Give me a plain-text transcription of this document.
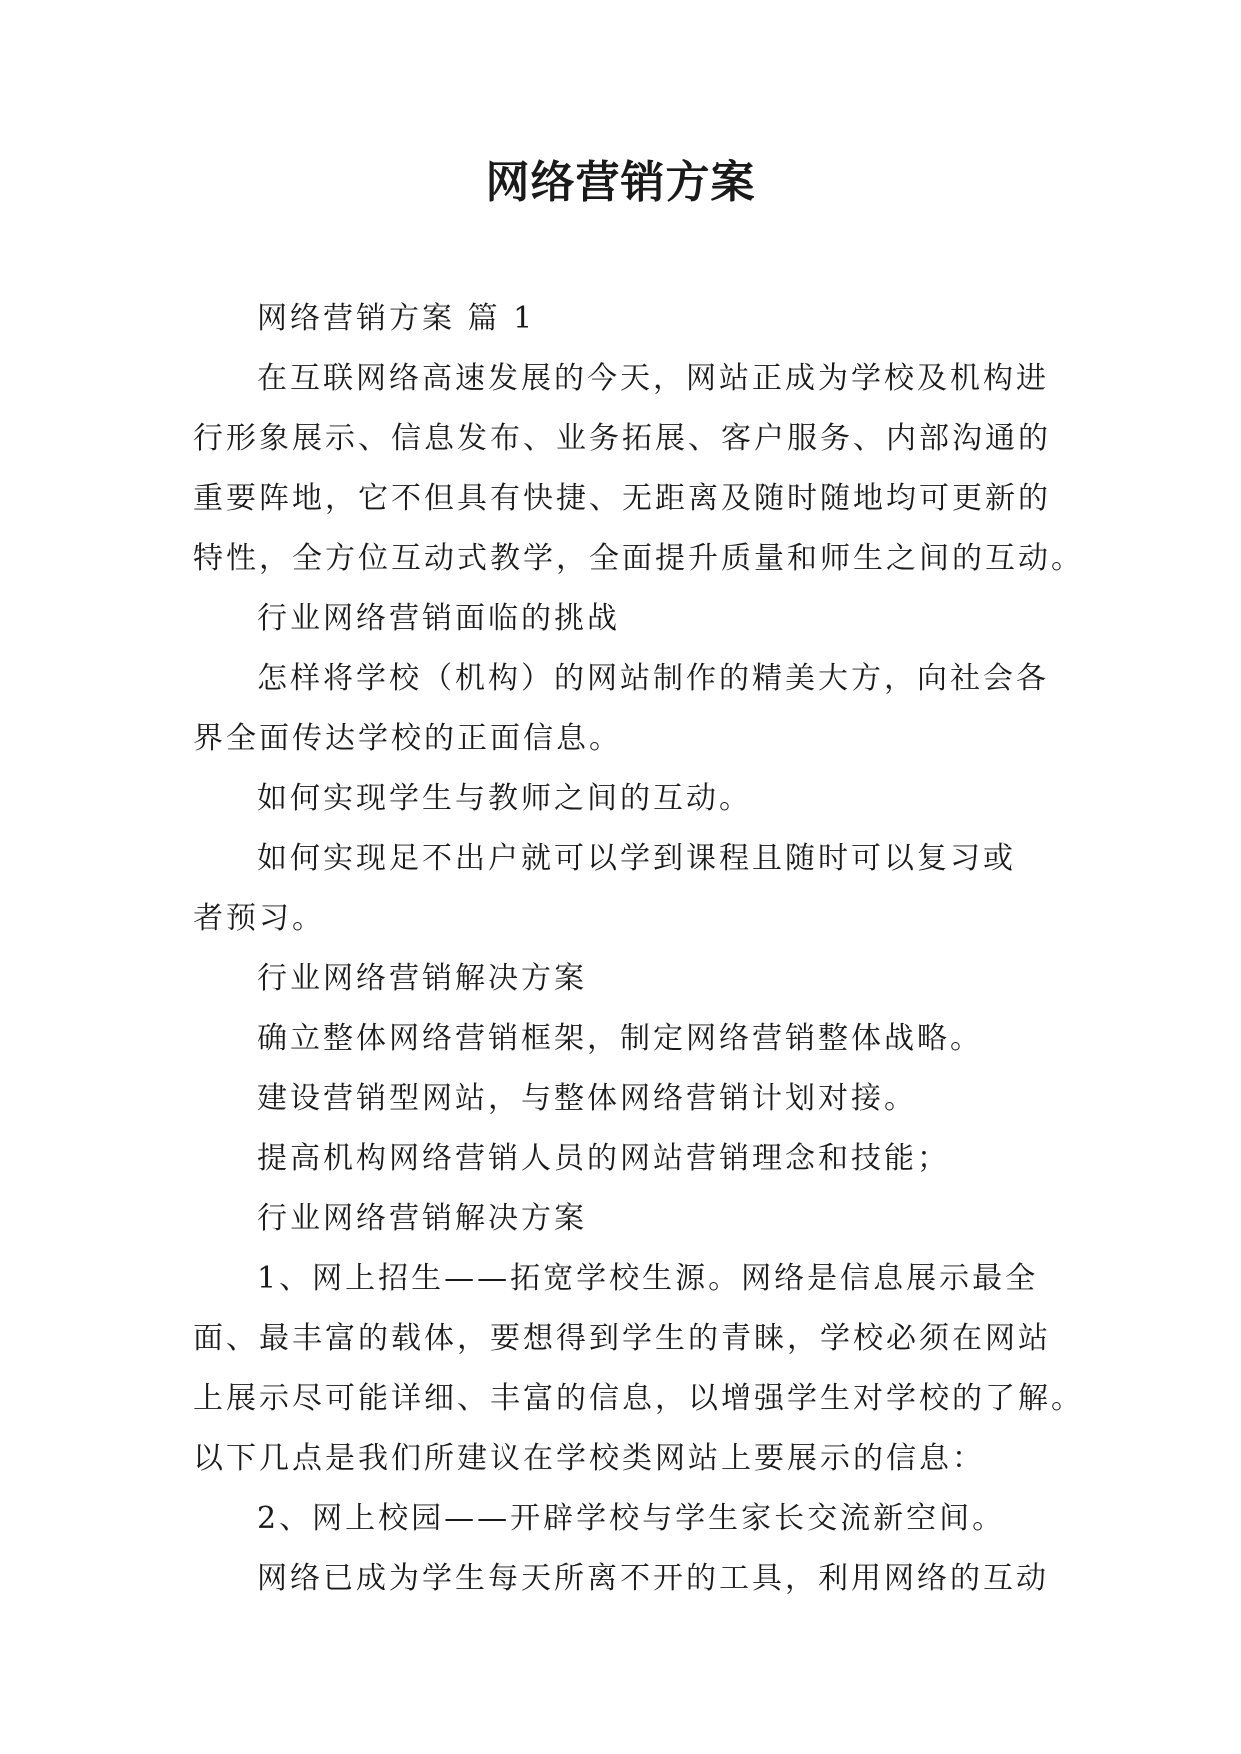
网络营销方案
网络营销方案 篇 1
在互联网络高速发展的今天，网站正成为学校及机构进
行形象展示、信息发布、业务拓展、客户服务、内部沟通的
重要阵地，它不但具有快捷、无距离及随时随地均可更新的
特性，全方位互动式教学，全面提升质量和师生之间的互动。
行业网络营销面临的挑战
怎样将学校（机构）的网站制作的精美大方，向社会各
界全面传达学校的正面信息。
如何实现学生与教师之间的互动。
如何实现足不出户就可以学到课程且随时可以复习或
者预习。
行业网络营销解决方案
确立整体网络营销框架，制定网络营销整体战略。
建设营销型网站，与整体网络营销计划对接。
提高机构网络营销人员的网站营销理念和技能；
行业网络营销解决方案
1、网上招生——拓宽学校生源。网络是信息展示最全
面、最丰富的载体，要想得到学生的青睐，学校必须在网站
上展示尽可能详细、丰富的信息，以增强学生对学校的了解。
以下几点是我们所建议在学校类网站上要展示的信息：
2、网上校园——开辟学校与学生家长交流新空间。
网络已成为学生每天所离不开的工具，利用网络的互动
